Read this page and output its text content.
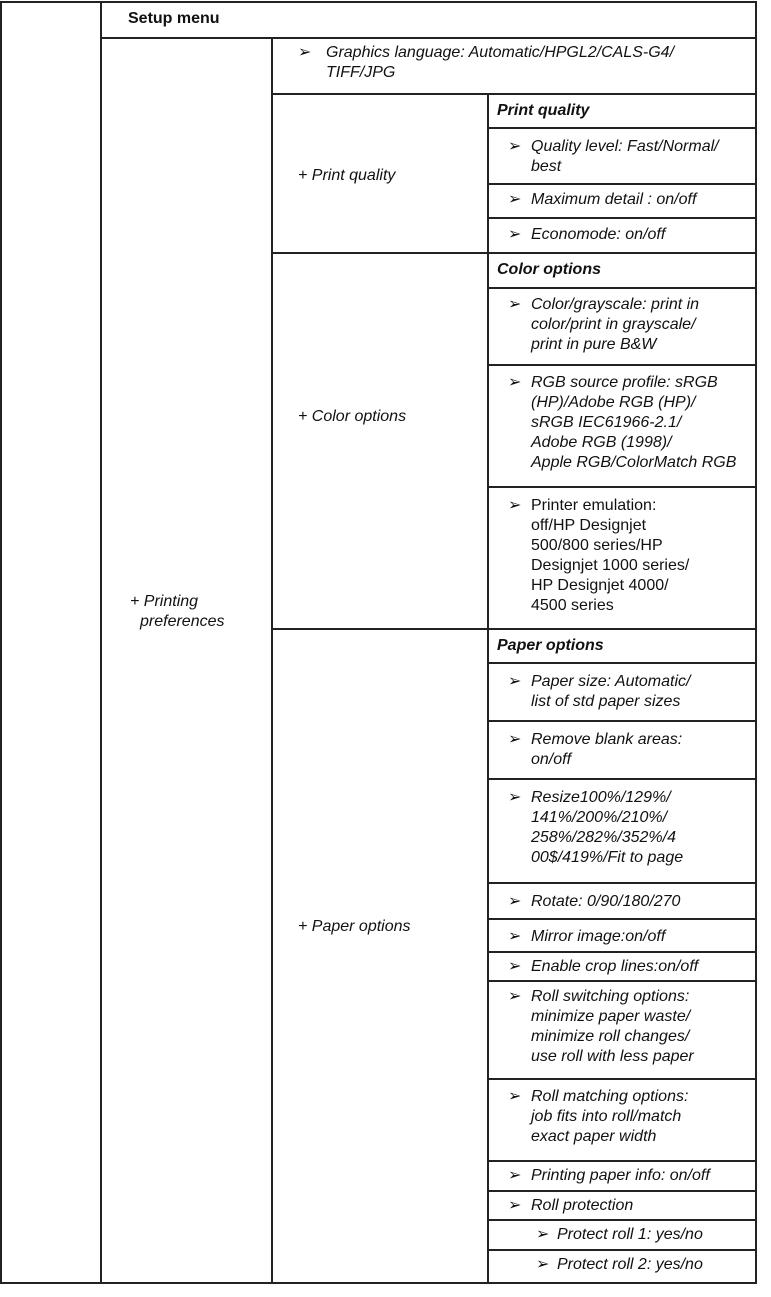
Setup menu

+ Printing
preferences

➢ Graphics language: Automatic/HPGL2/CALS-G4/
TIFF/JPG
+ Print quality
+ Color options
+ Paper options
Print quality
➢ Quality level: Fast/Normal/
best
➢ Maximum detail : on/off
➢ Economode: on/off
Color options
➢ Color/grayscale: print in
color/print in grayscale/
print in pure B&W
➢ RGB source profile: sRGB
(HP)/Adobe RGB (HP)/
sRGB IEC61966-2.1/
Adobe RGB (1998)/
Apple RGB/ColorMatch RGB
➢ Printer emulation:
off/HP Designjet
500/800 series/HP
Designjet 1000 series/
HP Designjet 4000/
4500 series
Paper options
➢ Paper size: Automatic/
list of std paper sizes
➢ Remove blank areas:
on/off
➢ Resize100%/129%/
141%/200%/210%/
258%/282%/352%/4
00$/419%/Fit to page
➢ Rotate: 0/90/180/270
➢ Mirror image:on/off
➢ Enable crop lines:on/off
➢ Roll switching options:
minimize paper waste/
minimize roll changes/
use roll with less paper
➢ Roll matching options:
job fits into roll/match
exact paper width
➢ Printing paper info: on/off
➢ Roll protection
➢ Protect roll 1: yes/no
➢ Protect roll 2: yes/no
